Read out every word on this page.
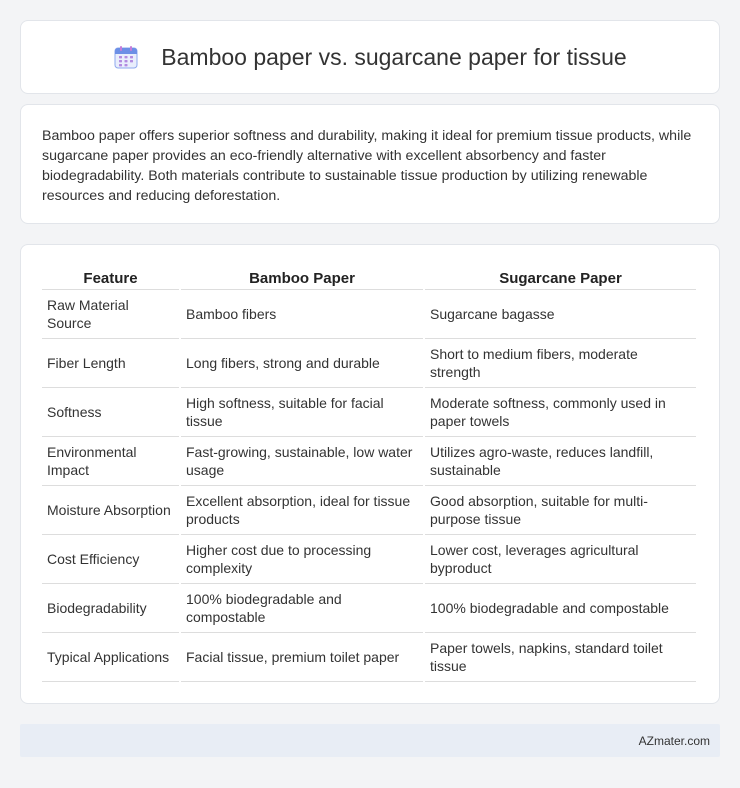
Bamboo paper vs. sugarcane paper for tissue

Bamboo paper offers superior softness and durability, making it ideal for premium tissue products, while sugarcane paper provides an eco-friendly alternative with excellent absorbency and faster biodegradability. Both materials contribute to sustainable tissue production by utilizing renewable resources and reducing deforestation.

Feature	Bamboo Paper	Sugarcane Paper
Raw Material Source	Bamboo fibers	Sugarcane bagasse
Fiber Length	Long fibers, strong and durable	Short to medium fibers, moderate strength
Softness	High softness, suitable for facial tissue	Moderate softness, commonly used in paper towels
Environmental Impact	Fast-growing, sustainable, low water usage	Utilizes agro-waste, reduces landfill, sustainable
Moisture Absorption	Excellent absorption, ideal for tissue products	Good absorption, suitable for multi-purpose tissue
Cost Efficiency	Higher cost due to processing complexity	Lower cost, leverages agricultural byproduct
Biodegradability	100% biodegradable and compostable	100% biodegradable and compostable
Typical Applications	Facial tissue, premium toilet paper	Paper towels, napkins, standard toilet tissue
AZmater.com
